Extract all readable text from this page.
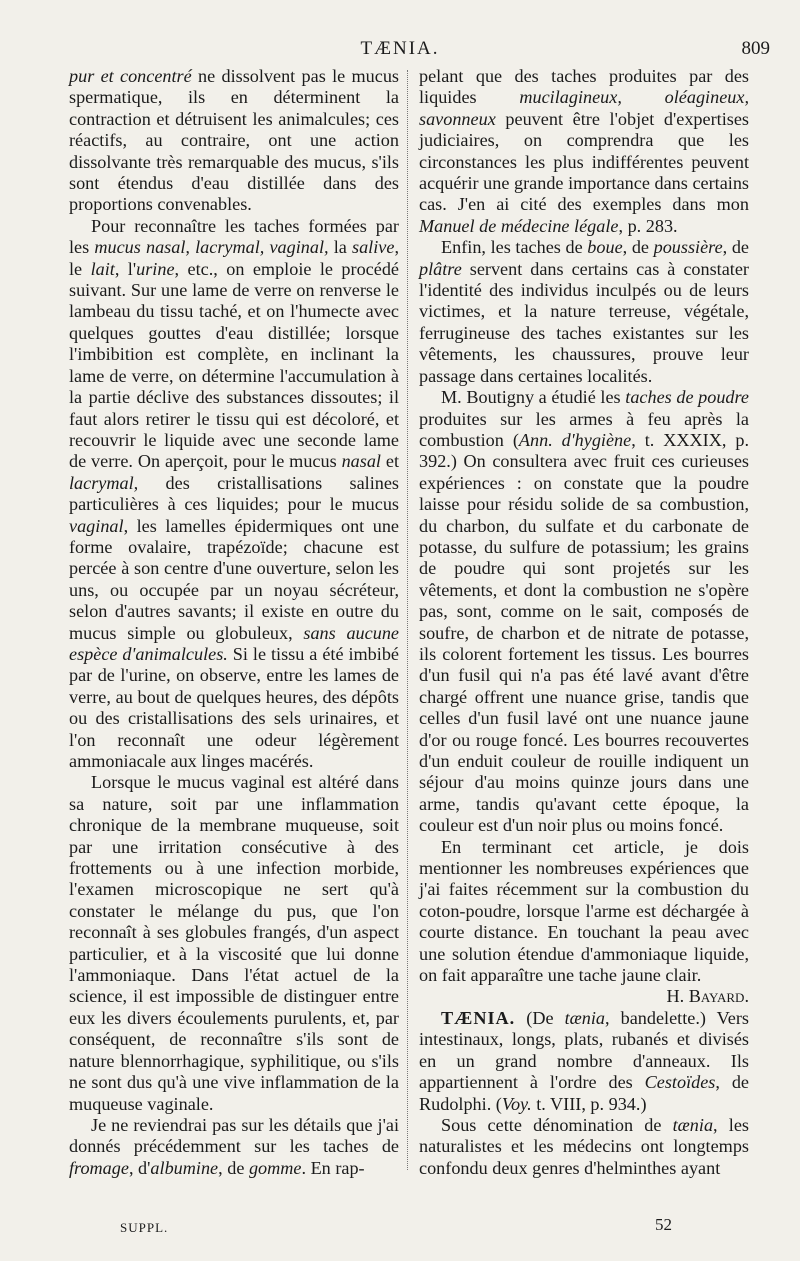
TÆNIA.	809

pur et concentré ne dissolvent pas le mucus spermatique, ils en déterminent la contraction et détruisent les animalcules; ces réactifs, au contraire, ont une action dissolvante très remarquable des mucus, s'ils sont étendus d'eau distillée dans des proportions convenables.

Pour reconnaître les taches formées par les mucus nasal, lacrymal, vaginal, la salive, le lait, l'urine, etc., on emploie le procédé suivant. Sur une lame de verre on renverse le lambeau du tissu taché, et on l'humecte avec quelques gouttes d'eau distillée; lorsque l'imbibition est complète, en inclinant la lame de verre, on détermine l'accumulation à la partie déclive des substances dissoutes; il faut alors retirer le tissu qui est décoloré, et recouvrir le liquide avec une seconde lame de verre. On aperçoit, pour le mucus nasal et lacrymal, des cristallisations salines particulières à ces liquides; pour le mucus vaginal, les lamelles épidermiques ont une forme ovalaire, trapézoïde; chacune est percée à son centre d'une ouverture, selon les uns, ou occupée par un noyau sécréteur, selon d'autres savants; il existe en outre du mucus simple ou globuleux, sans aucune espèce d'animalcules. Si le tissu a été imbibé par de l'urine, on observe, entre les lames de verre, au bout de quelques heures, des dépôts ou des cristallisations des sels urinaires, et l'on reconnaît une odeur légèrement ammoniacale aux linges macérés.

Lorsque le mucus vaginal est altéré dans sa nature, soit par une inflammation chronique de la membrane muqueuse, soit par une irritation consécutive à des frottements ou à une infection morbide, l'examen microscopique ne sert qu'à constater le mélange du pus, que l'on reconnaît à ses globules frangés, d'un aspect particulier, et à la viscosité que lui donne l'ammoniaque. Dans l'état actuel de la science, il est impossible de distinguer entre eux les divers écoulements purulents, et, par conséquent, de reconnaître s'ils sont de nature blennorrhagique, syphilitique, ou s'ils ne sont dus qu'à une vive inflammation de la muqueuse vaginale.

Je ne reviendrai pas sur les détails que j'ai donnés précédemment sur les taches de fromage, d'albumine, de gomme. En rap-

pelant que des taches produites par des liquides mucilagineux, oléagineux, savonneux peuvent être l'objet d'expertises judiciaires, on comprendra que les circonstances les plus indifférentes peuvent acquérir une grande importance dans certains cas. J'en ai cité des exemples dans mon Manuel de médecine légale, p. 283.

Enfin, les taches de boue, de poussière, de plâtre servent dans certains cas à constater l'identité des individus inculpés ou de leurs victimes, et la nature terreuse, végétale, ferrugineuse des taches existantes sur les vêtements, les chaussures, prouve leur passage dans certaines localités.

M. Boutigny a étudié les taches de poudre produites sur les armes à feu après la combustion (Ann. d'hygiène, t. XXXIX, p. 392.) On consultera avec fruit ces curieuses expériences : on constate que la poudre laisse pour résidu solide de sa combustion, du charbon, du sulfate et du carbonate de potasse, du sulfure de potassium; les grains de poudre qui sont projetés sur les vêtements, et dont la combustion ne s'opère pas, sont, comme on le sait, composés de soufre, de charbon et de nitrate de potasse, ils colorent fortement les tissus. Les bourres d'un fusil qui n'a pas été lavé avant d'être chargé offrent une nuance grise, tandis que celles d'un fusil lavé ont une nuance jaune d'or ou rouge foncé. Les bourres recouvertes d'un enduit couleur de rouille indiquent un séjour d'au moins quinze jours dans une arme, tandis qu'avant cette époque, la couleur est d'un noir plus ou moins foncé.

En terminant cet article, je dois mentionner les nombreuses expériences que j'ai faites récemment sur la combustion du coton-poudre, lorsque l'arme est déchargée à courte distance. En touchant la peau avec une solution étendue d'ammoniaque liquide, on fait apparaître une tache jaune clair.
H. Bayard.

TÆNIA. (De tænia, bandelette.) Vers intestinaux, longs, plats, rubanés et divisés en un grand nombre d'anneaux. Ils appartiennent à l'ordre des Cestoïdes, de Rudolphi. (Voy. t. VIII, p. 934.)

Sous cette dénomination de tænia, les naturalistes et les médecins ont longtemps confondu deux genres d'helminthes ayant

SUPPL.	52
